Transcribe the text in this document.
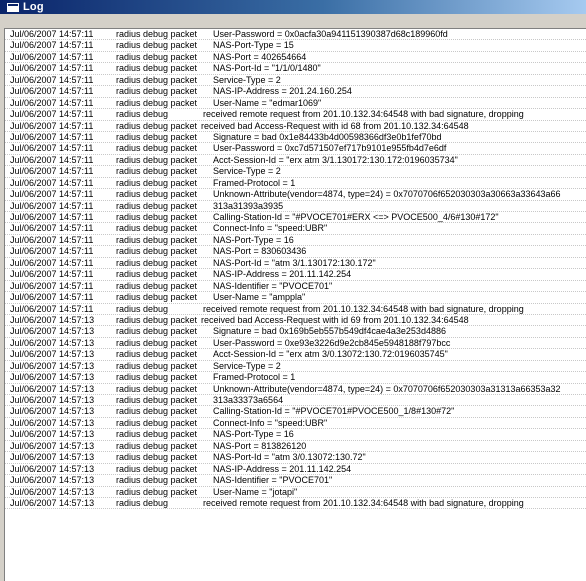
Log
Jul/06/2007 14:57:11	radius debug packet User-Password = 0x0acfa30a941151390387d68c189960fd
Jul/06/2007 14:57:11	radius debug packet NAS-Port-Type = 15
Jul/06/2007 14:57:11	radius debug packet NAS-Port = 402654664
Jul/06/2007 14:57:11	radius debug packet NAS-Port-Id = "1/1/0/1480"
Jul/06/2007 14:57:11	radius debug packet Service-Type = 2
Jul/06/2007 14:57:11	radius debug packet NAS-IP-Address = 201.24.160.254
Jul/06/2007 14:57:11	radius debug packet User-Name = "edmar1069"
Jul/06/2007 14:57:11	radius debug	received remote request from 201.10.132.34:64548 with bad signature, dropping
Jul/06/2007 14:57:11	radius debug packet received bad Access-Request with id 68 from 201.10.132.34:64548
Jul/06/2007 14:57:11	radius debug packet Signature = bad 0x1e84433b4d00598366df3e0b1fef70bd
Jul/06/2007 14:57:11	radius debug packet User-Password = 0xc7d571507ef717b9101e955fb4d7e6df
Jul/06/2007 14:57:11	radius debug packet Acct-Session-Id = "erx atm 3/1.130172:130.172:0196035734"
Jul/06/2007 14:57:11	radius debug packet Service-Type = 2
Jul/06/2007 14:57:11	radius debug packet Framed-Protocol = 1
Jul/06/2007 14:57:11	radius debug packet Unknown-Attribute(vendor=4874, type=24) = 0x7070706f652030303a30663a33643a66
Jul/06/2007 14:57:11	radius debug packet 313a31393a3935
Jul/06/2007 14:57:11	radius debug packet Calling-Station-Id = "#PVOCE701#ERX <=> PVOCE500_4/6#130#172"
Jul/06/2007 14:57:11	radius debug packet Connect-Info = "speed:UBR"
Jul/06/2007 14:57:11	radius debug packet NAS-Port-Type = 16
Jul/06/2007 14:57:11	radius debug packet NAS-Port = 830603436
Jul/06/2007 14:57:11	radius debug packet NAS-Port-Id = "atm 3/1.130172:130.172"
Jul/06/2007 14:57:11	radius debug packet NAS-IP-Address = 201.11.142.254
Jul/06/2007 14:57:11	radius debug packet NAS-Identifier = "PVOCE701"
Jul/06/2007 14:57:11	radius debug packet User-Name = "amppla"
Jul/06/2007 14:57:11	radius debug	received remote request from 201.10.132.34:64548 with bad signature, dropping
Jul/06/2007 14:57:13 radius debug packet received bad Access-Request with id 69 from 201.10.132.34:64548
Jul/06/2007 14:57:13 radius debug packet Signature = bad 0x169b5eb557b549df4cae4a3e253d4886
Jul/06/2007 14:57:13 radius debug packet User-Password = 0xe93e3226d9e2cb845e5948188f797bcc
Jul/06/2007 14:57:13 radius debug packet Acct-Session-Id = "erx atm 3/0.13072:130.72:0196035745"
Jul/06/2007 14:57:13 radius debug packet Service-Type = 2
Jul/06/2007 14:57:13 radius debug packet Framed-Protocol = 1
Jul/06/2007 14:57:13 radius debug packet Unknown-Attribute(vendor=4874, type=24) = 0x7070706f652030303a31313a66353a32
Jul/06/2007 14:57:13 radius debug packet 313a33373a6564
Jul/06/2007 14:57:13 radius debug packet Calling-Station-Id = "#PVOCE701#PVOCE500_1/8#130#72"
Jul/06/2007 14:57:13 radius debug packet Connect-Info = "speed:UBR"
Jul/06/2007 14:57:13 radius debug packet NAS-Port-Type = 16
Jul/06/2007 14:57:13 radius debug packet NAS-Port = 813826120
Jul/06/2007 14:57:13 radius debug packet NAS-Port-Id = "atm 3/0.13072:130.72"
Jul/06/2007 14:57:13 radius debug packet NAS-IP-Address = 201.11.142.254
Jul/06/2007 14:57:13 radius debug packet NAS-Identifier = "PVOCE701"
Jul/06/2007 14:57:13 radius debug packet User-Name = "jotapi"
Jul/06/2007 14:57:13 radius debug	received remote request from 201.10.132.34:64548 with bad signature, dropping
